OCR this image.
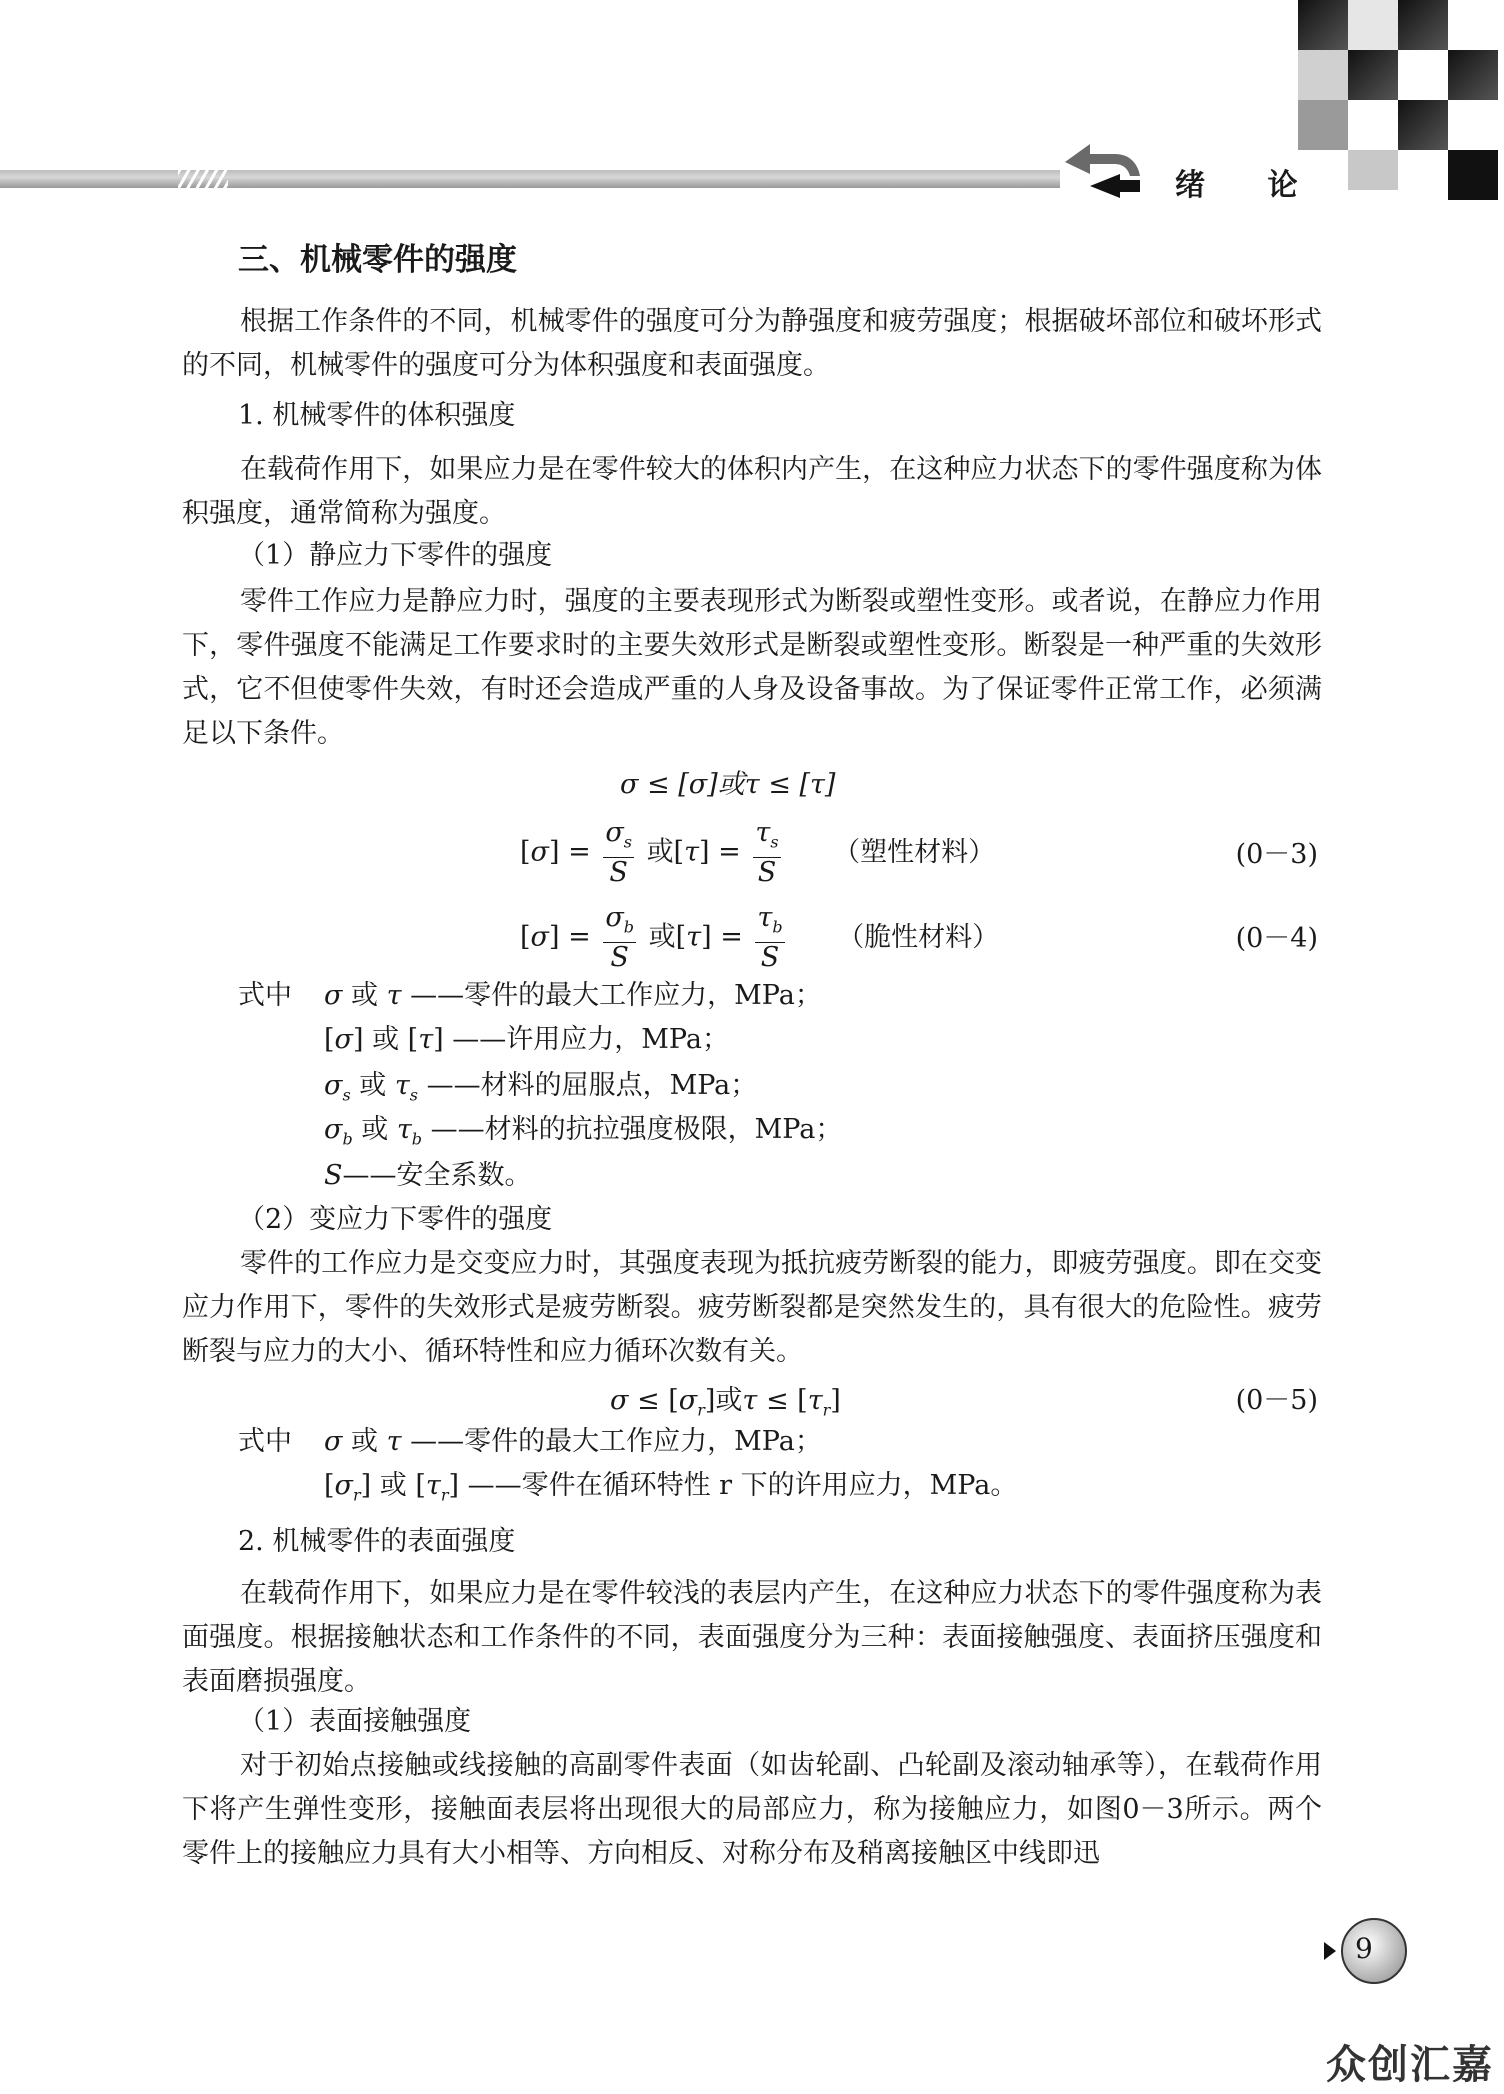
绪 论
三、机械零件的强度
根据工作条件的不同，机械零件的强度可分为静强度和疲劳强度；根据破坏部位和破坏形式的不同，机械零件的强度可分为体积强度和表面强度。
1. 机械零件的体积强度
在载荷作用下，如果应力是在零件较大的体积内产生，在这种应力状态下的零件强度称为体积强度，通常简称为强度。
（1）静应力下零件的强度
零件工作应力是静应力时，强度的主要表现形式为断裂或塑性变形。或者说，在静应力作用下，零件强度不能满足工作要求时的主要失效形式是断裂或塑性变形。断裂是一种严重的失效形式，它不但使零件失效，有时还会造成严重的人身及设备事故。为了保证零件正常工作，必须满足以下条件。
σ ≤ [σ]或τ ≤ [τ]
$[\sigma] = \frac{\sigma_s}{S}$ 或$[\tau] = \frac{\tau_s}{S}$ （塑性材料）	(0－3)
$[\sigma] = \frac{\sigma_b}{S}$ 或$[\tau] = \frac{\tau_b}{S}$ （脆性材料）	(0－4)
式中 σ 或 τ ——零件的最大工作应力，MPa；
[σ] 或 [τ] ——许用应力，MPa；
$\sigma_s$ 或 $\tau_s$ ——材料的屈服点，MPa；
$\sigma_b$ 或 $\tau_b$ ——材料的抗拉强度极限，MPa；
S——安全系数。
（2）变应力下零件的强度
零件的工作应力是交变应力时，其强度表现为抵抗疲劳断裂的能力，即疲劳强度。即在交变应力作用下，零件的失效形式是疲劳断裂。疲劳断裂都是突然发生的，具有很大的危险性。疲劳断裂与应力的大小、循环特性和应力循环次数有关。
$\sigma \le [\sigma_r]$或$\tau \le [\tau_r]$	(0－5)
式中 σ 或 τ ——零件的最大工作应力，MPa；
$[\sigma_r]$ 或 $[\tau_r]$ ——零件在循环特性 r 下的许用应力，MPa。
2. 机械零件的表面强度
在载荷作用下，如果应力是在零件较浅的表层内产生，在这种应力状态下的零件强度称为表面强度。根据接触状态和工作条件的不同，表面强度分为三种：表面接触强度、表面挤压强度和表面磨损强度。
（1）表面接触强度
对于初始点接触或线接触的高副零件表面（如齿轮副、凸轮副及滚动轴承等），在载荷作用下将产生弹性变形，接触面表层将出现很大的局部应力，称为接触应力，如图0－3所示。两个零件上的接触应力具有大小相等、方向相反、对称分布及稍离接触区中线即迅
9
众创汇嘉
